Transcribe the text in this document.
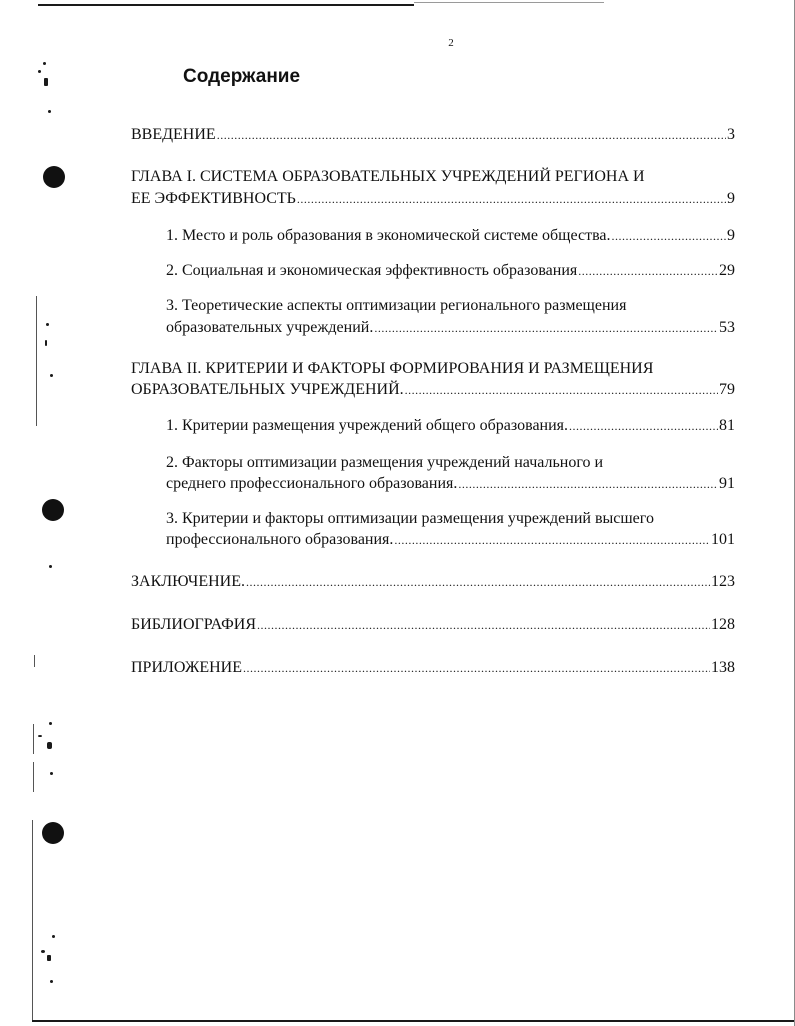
2
Содержание
ВВЕДЕНИЕ .....	3
ГЛАВА I. СИСТЕМА ОБРАЗОВАТЕЛЬНЫХ УЧРЕЖДЕНИЙ РЕГИОНА И
ЕЕ ЭФФЕКТИВНОСТЬ .....	9
1. Место и роль образования в экономической системе общества. .....	9
2. Социальная и экономическая эффективность образования .....	29
3. Теоретические аспекты оптимизации регионального размещения
образовательных учреждений. .....	53
ГЛАВА II. КРИТЕРИИ И ФАКТОРЫ ФОРМИРОВАНИЯ И РАЗМЕЩЕНИЯ
ОБРАЗОВАТЕЛЬНЫХ УЧРЕЖДЕНИЙ. .....	79
1. Критерии размещения учреждений общего образования. .....	81
2. Факторы оптимизации размещения учреждений начального и
среднего профессионального образования. .....	91
3. Критерии и факторы оптимизации размещения учреждений высшего
профессионального образования. .....	101
ЗАКЛЮЧЕНИЕ. .....	123
БИБЛИОГРАФИЯ .....	128
ПРИЛОЖЕНИЕ .....	138
